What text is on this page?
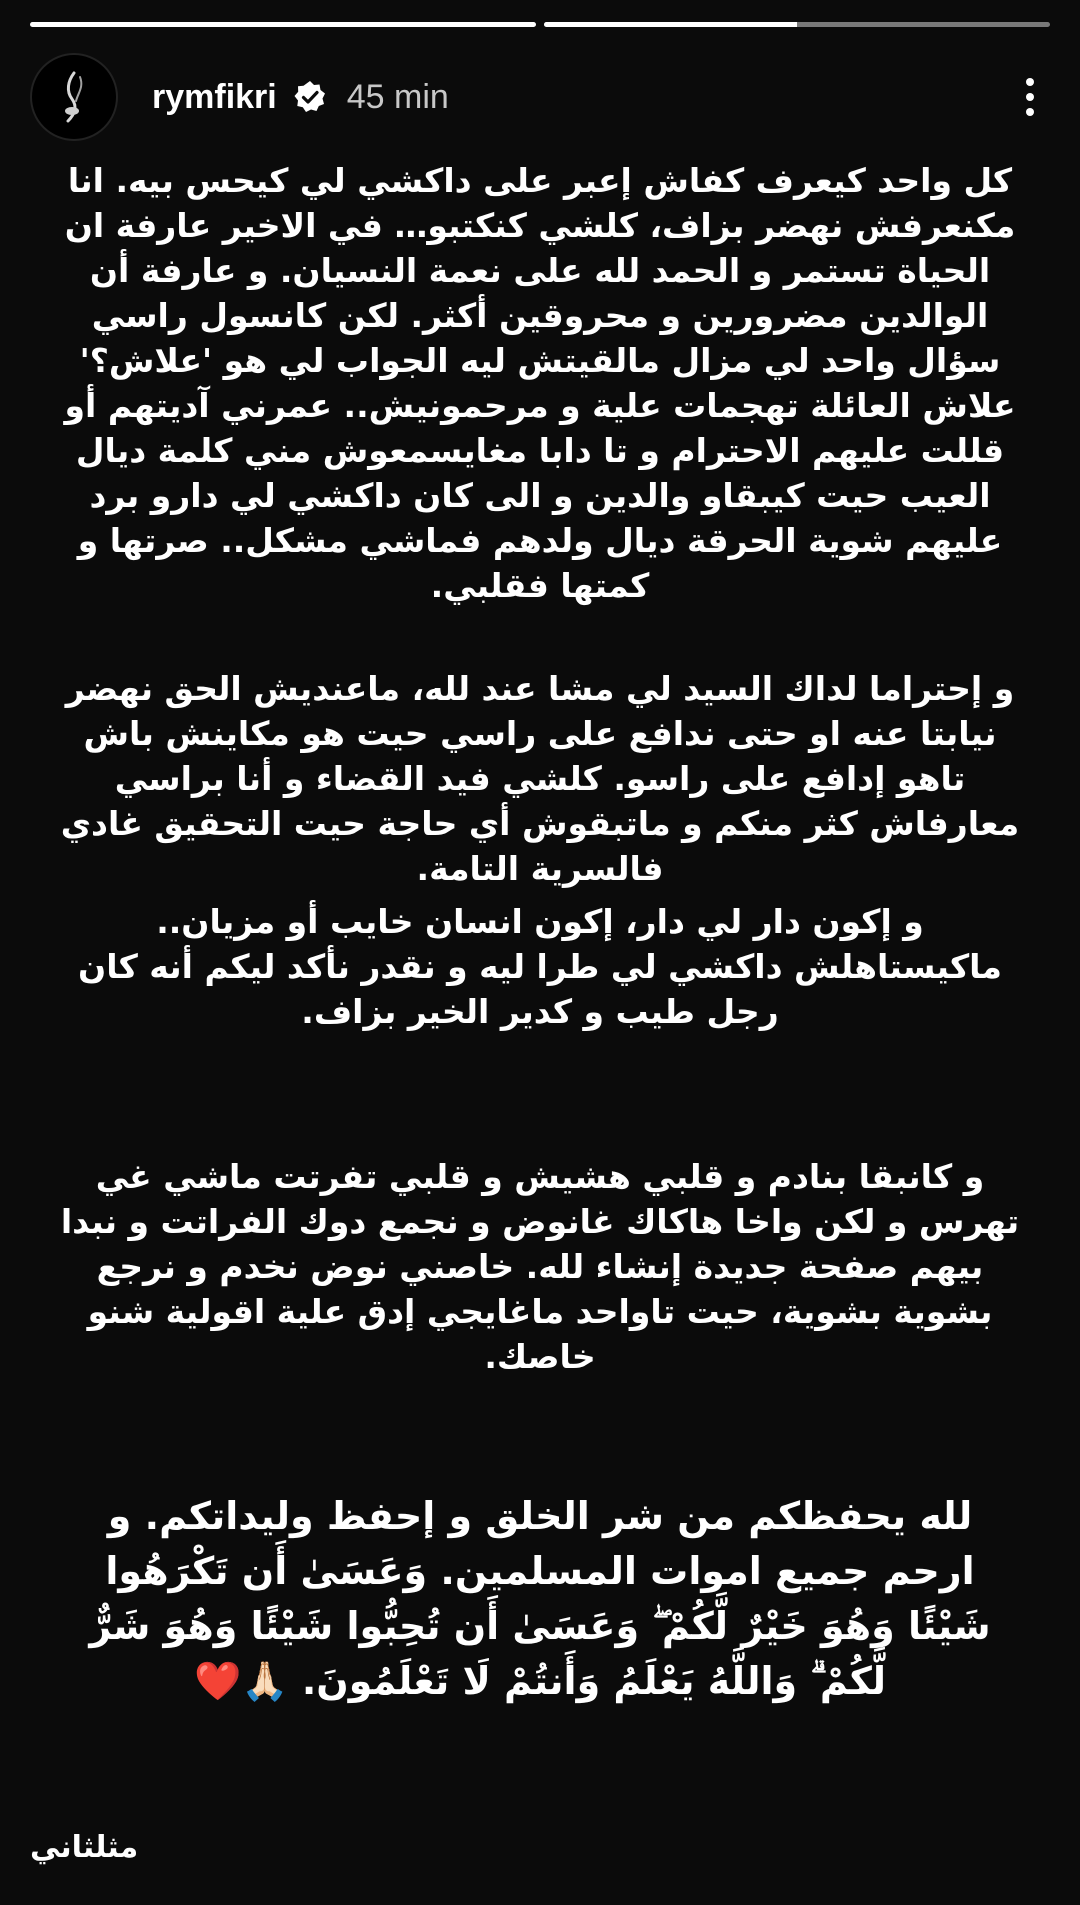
rymfikri 45 min

كل واحد كيعرف كفاش إعبر على داكشي لي كيحس بيه. انا مكنعرفش نهضر بزاف، كلشي كنكتبو… في الاخير عارفة ان الحياة تستمر و الحمد لله على نعمة النسيان. و عارفة أن الوالدين مضرورين و محروقين أكثر. لكن كانسول راسي سؤال واحد لي مزال مالقيتش ليه الجواب لي هو 'علاش؟' علاش العائلة تهجمات علية و مرحمونيش.. عمرني آديتهم أو قللت عليهم الاحترام و تا دابا مغايسمعوش مني كلمة ديال العيب حيت كيبقاو والدين و الى كان داكشي لي دارو برد عليهم شوية الحرقة ديال ولدهم فماشي مشكل.. صرتها و كمتها فقلبي.

و إحتراما لداك السيد لي مشا عند لله، ماعنديش الحق نهضر نيابتا عنه او حتى ندافع على راسي حيت هو مكاينش باش تاهو إدافع على راسو. كلشي فيد القضاء و أنا براسي معارفاش كثر منكم و ماتبقوش أي حاجة حيت التحقيق غادي فالسرية التامة.

و إكون دار لي دار، إكون انسان خايب أو مزيان.. ماكيستاهلش داكشي لي طرا ليه و نقدر نأكد ليكم أنه كان رجل طيب و كدير الخير بزاف.

و كانبقا بنادم و قلبي هشيش و قلبي تفرتت ماشي غي تهرس و لكن واخا هاكاك غانوض و نجمع دوك الفراتت و نبدا بيهم صفحة جديدة إنشاء لله. خاصني نوض نخدم و نرجع بشوية بشوية، حيت تاواحد ماغايجي إدق علية اقولية شنو خاصك.

لله يحفظكم من شر الخلق و إحفظ وليداتكم. و ارحم جميع اموات المسلمين. وَعَسَىٰ أَن تَكْرَهُوا شَيْئًا وَهُوَ خَيْرٌ لَّكُمْ ۖ وَعَسَىٰ أَن تُحِبُّوا شَيْئًا وَهُوَ شَرٌّ لَّكُمْ ۗ وَاللَّهُ يَعْلَمُ وَأَنتُمْ لَا تَعْلَمُونَ. 🙏🏻❤️

مثلثاني
